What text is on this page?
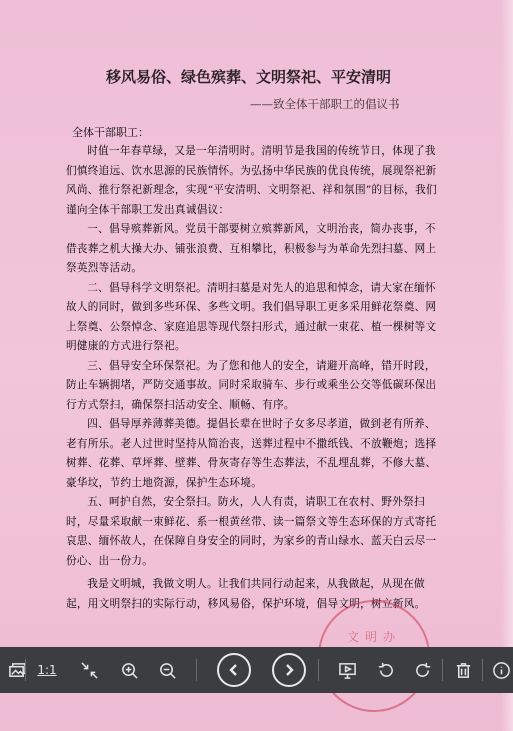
移风易俗、绿色殡葬、文明祭祀、平安清明
——致全体干部职工的倡议书
全体干部职工：

时值一年春草绿，又是一年清明时。清明节是我国的传统节日，体现了我们慎终追远、饮水思源的民族情怀。为弘扬中华民族的优良传统，展现祭祀新风尚、推行祭祀新理念，实现“平安清明、文明祭祀、祥和氛围”的目标，我们谨向全体干部职工发出真诚倡议：

一、倡导殡葬新风。党员干部要树立殡葬新风，文明治丧，简办丧事，不借丧葬之机大操大办、铺张浪费、互相攀比，积极参与为革命先烈扫墓、网上祭英烈等活动。

二、倡导科学文明祭祀。清明扫墓是对先人的追思和悼念，请大家在缅怀故人的同时，做到多些环保、多些文明。我们倡导职工更多采用鲜花祭奠、网上祭奠、公祭悼念、家庭追思等现代祭扫形式，通过献一束花、植一棵树等文明健康的方式进行祭祀。

三、倡导安全环保祭祀。为了您和他人的安全，请避开高峰，错开时段，防止车辆拥堵，严防交通事故。同时采取骑车、步行或乘坐公交等低碳环保出行方式祭扫，确保祭扫活动安全、顺畅、有序。

四、倡导厚养薄葬美德。提倡长辈在世时子女多尽孝道，做到老有所养、老有所乐。老人过世时坚持从简治丧，送葬过程中不撒纸钱、不放鞭炮；选择树葬、花葬、草坪葬、壁葬、骨灰寄存等生态葬法，不乱埋乱葬，不修大墓、豪华坟，节约土地资源，保护生态环境。

五、呵护自然，安全祭扫。防火，人人有责，请职工在农村、野外祭扫时，尽量采取献一束鲜花、系一根黄丝带、读一篇祭文等生态环保的方式寄托哀思、缅怀故人，在保障自身安全的同时，为家乡的青山绿水、蓝天白云尽一份心、出一份力。

我是文明城，我做文明人。让我们共同行动起来，从我做起，从现在做起，用文明祭扫的实际行动，移风易俗，保护环境，倡导文明，树立新风。

文明办
1:1
